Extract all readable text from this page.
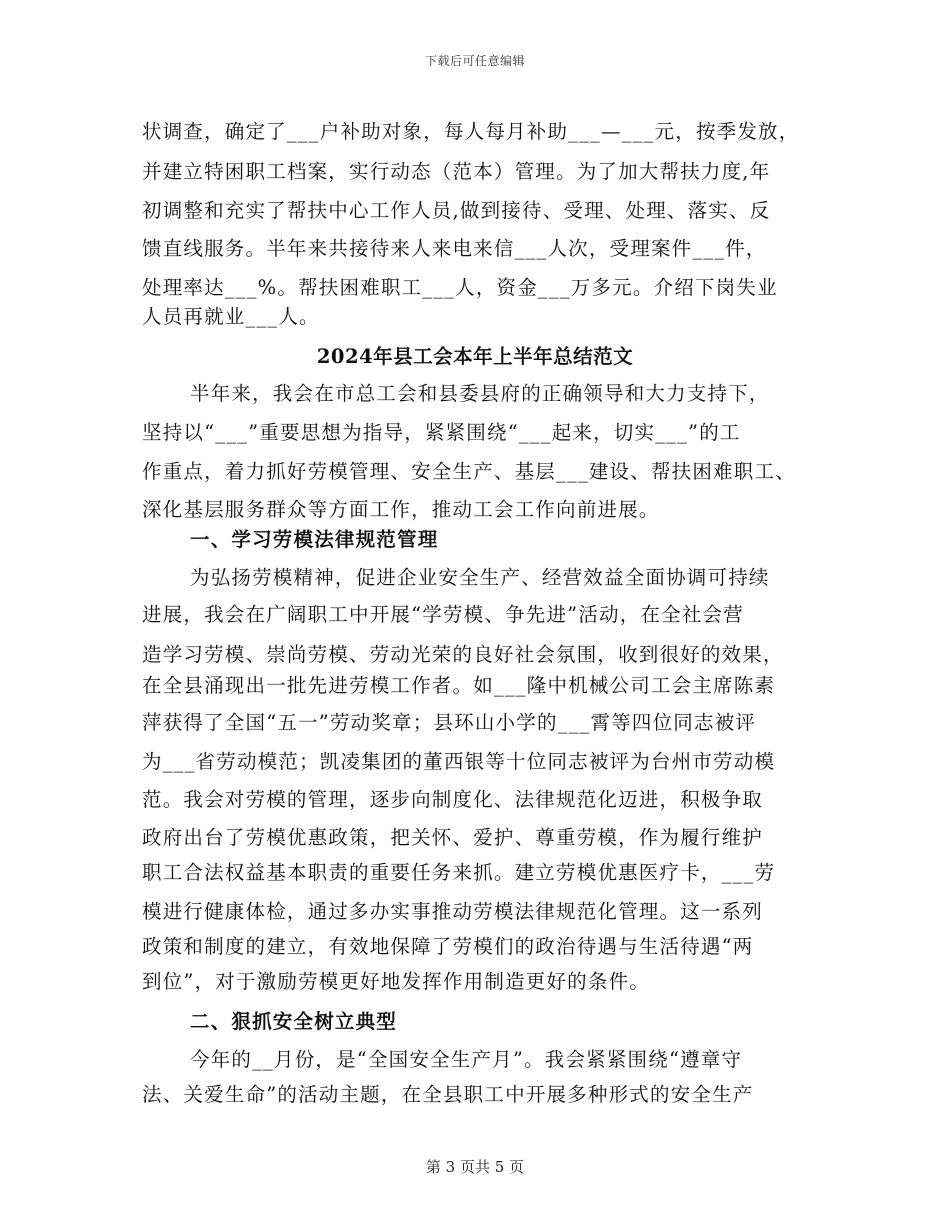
下载后可任意编辑
状调查，确定了___户补助对象，每人每月补助___—___元，按季发放，
并建立特困职工档案，实行动态（范本）管理。为了加大帮扶力度,年
初调整和充实了帮扶中心工作人员,做到接待、受理、处理、落实、反
馈直线服务。半年来共接待来人来电来信___人次，受理案件___件，
处理率达___%。帮扶困难职工___人，资金___万多元。介绍下岗失业
人员再就业___人。
2024年县工会本年上半年总结范文
半年来，我会在市总工会和县委县府的正确领导和大力支持下，
坚持以“___”重要思想为指导，紧紧围绕“___起来，切实___”的工
作重点，着力抓好劳模管理、安全生产、基层___建设、帮扶困难职工、
深化基层服务群众等方面工作，推动工会工作向前进展。
一、学习劳模法律规范管理
为弘扬劳模精神，促进企业安全生产、经营效益全面协调可持续
进展，我会在广阔职工中开展“学劳模、争先进”活动，在全社会营
造学习劳模、崇尚劳模、劳动光荣的良好社会氛围，收到很好的效果，
在全县涌现出一批先进劳模工作者。如___隆中机械公司工会主席陈素
萍获得了全国“五一”劳动奖章；县环山小学的___霄等四位同志被评
为___省劳动模范；凯凌集团的董西银等十位同志被评为台州市劳动模
范。我会对劳模的管理，逐步向制度化、法律规范化迈进，积极争取
政府出台了劳模优惠政策，把关怀、爱护、尊重劳模，作为履行维护
职工合法权益基本职责的重要任务来抓。建立劳模优惠医疗卡，___劳
模进行健康体检，通过多办实事推动劳模法律规范化管理。这一系列
政策和制度的建立，有效地保障了劳模们的政治待遇与生活待遇“两
到位”，对于激励劳模更好地发挥作用制造更好的条件。
二、狠抓安全树立典型
今年的__月份，是“全国安全生产月”。我会紧紧围绕“遵章守
法、关爱生命”的活动主题，在全县职工中开展多种形式的安全生产
第 3 页共 5 页
